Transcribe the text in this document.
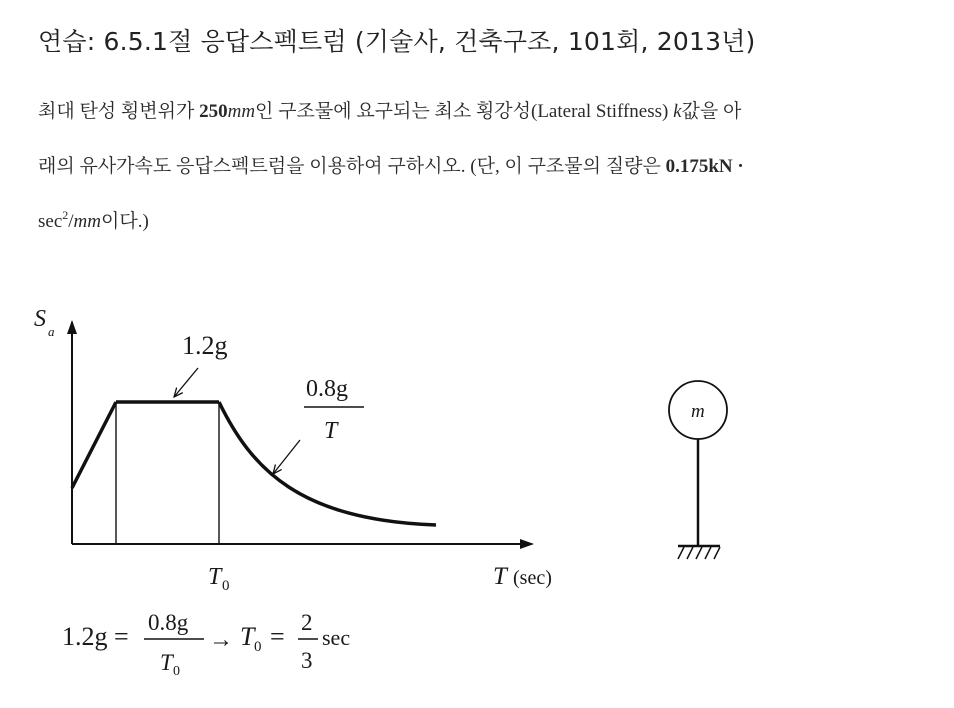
연습: 6.5.1절 응답스펙트럼 (기술사, 건축구조, 101회, 2013년)
최대 탄성 횡변위가 250mm인 구조물에 요구되는 최소 횡강성(Lateral Stiffness) k값을 아
래의 유사가속도 응답스펙트럼을 이용하여 구하시오. (단, 이 구조물의 질량은 0.175kN ·
$\sec^2/mm$이다.)
S a	1.2g
0.8g
T
T 0	T (sec)
m
1.2g = 0.8g
T 0
→ T 0 = 2
3
sec
